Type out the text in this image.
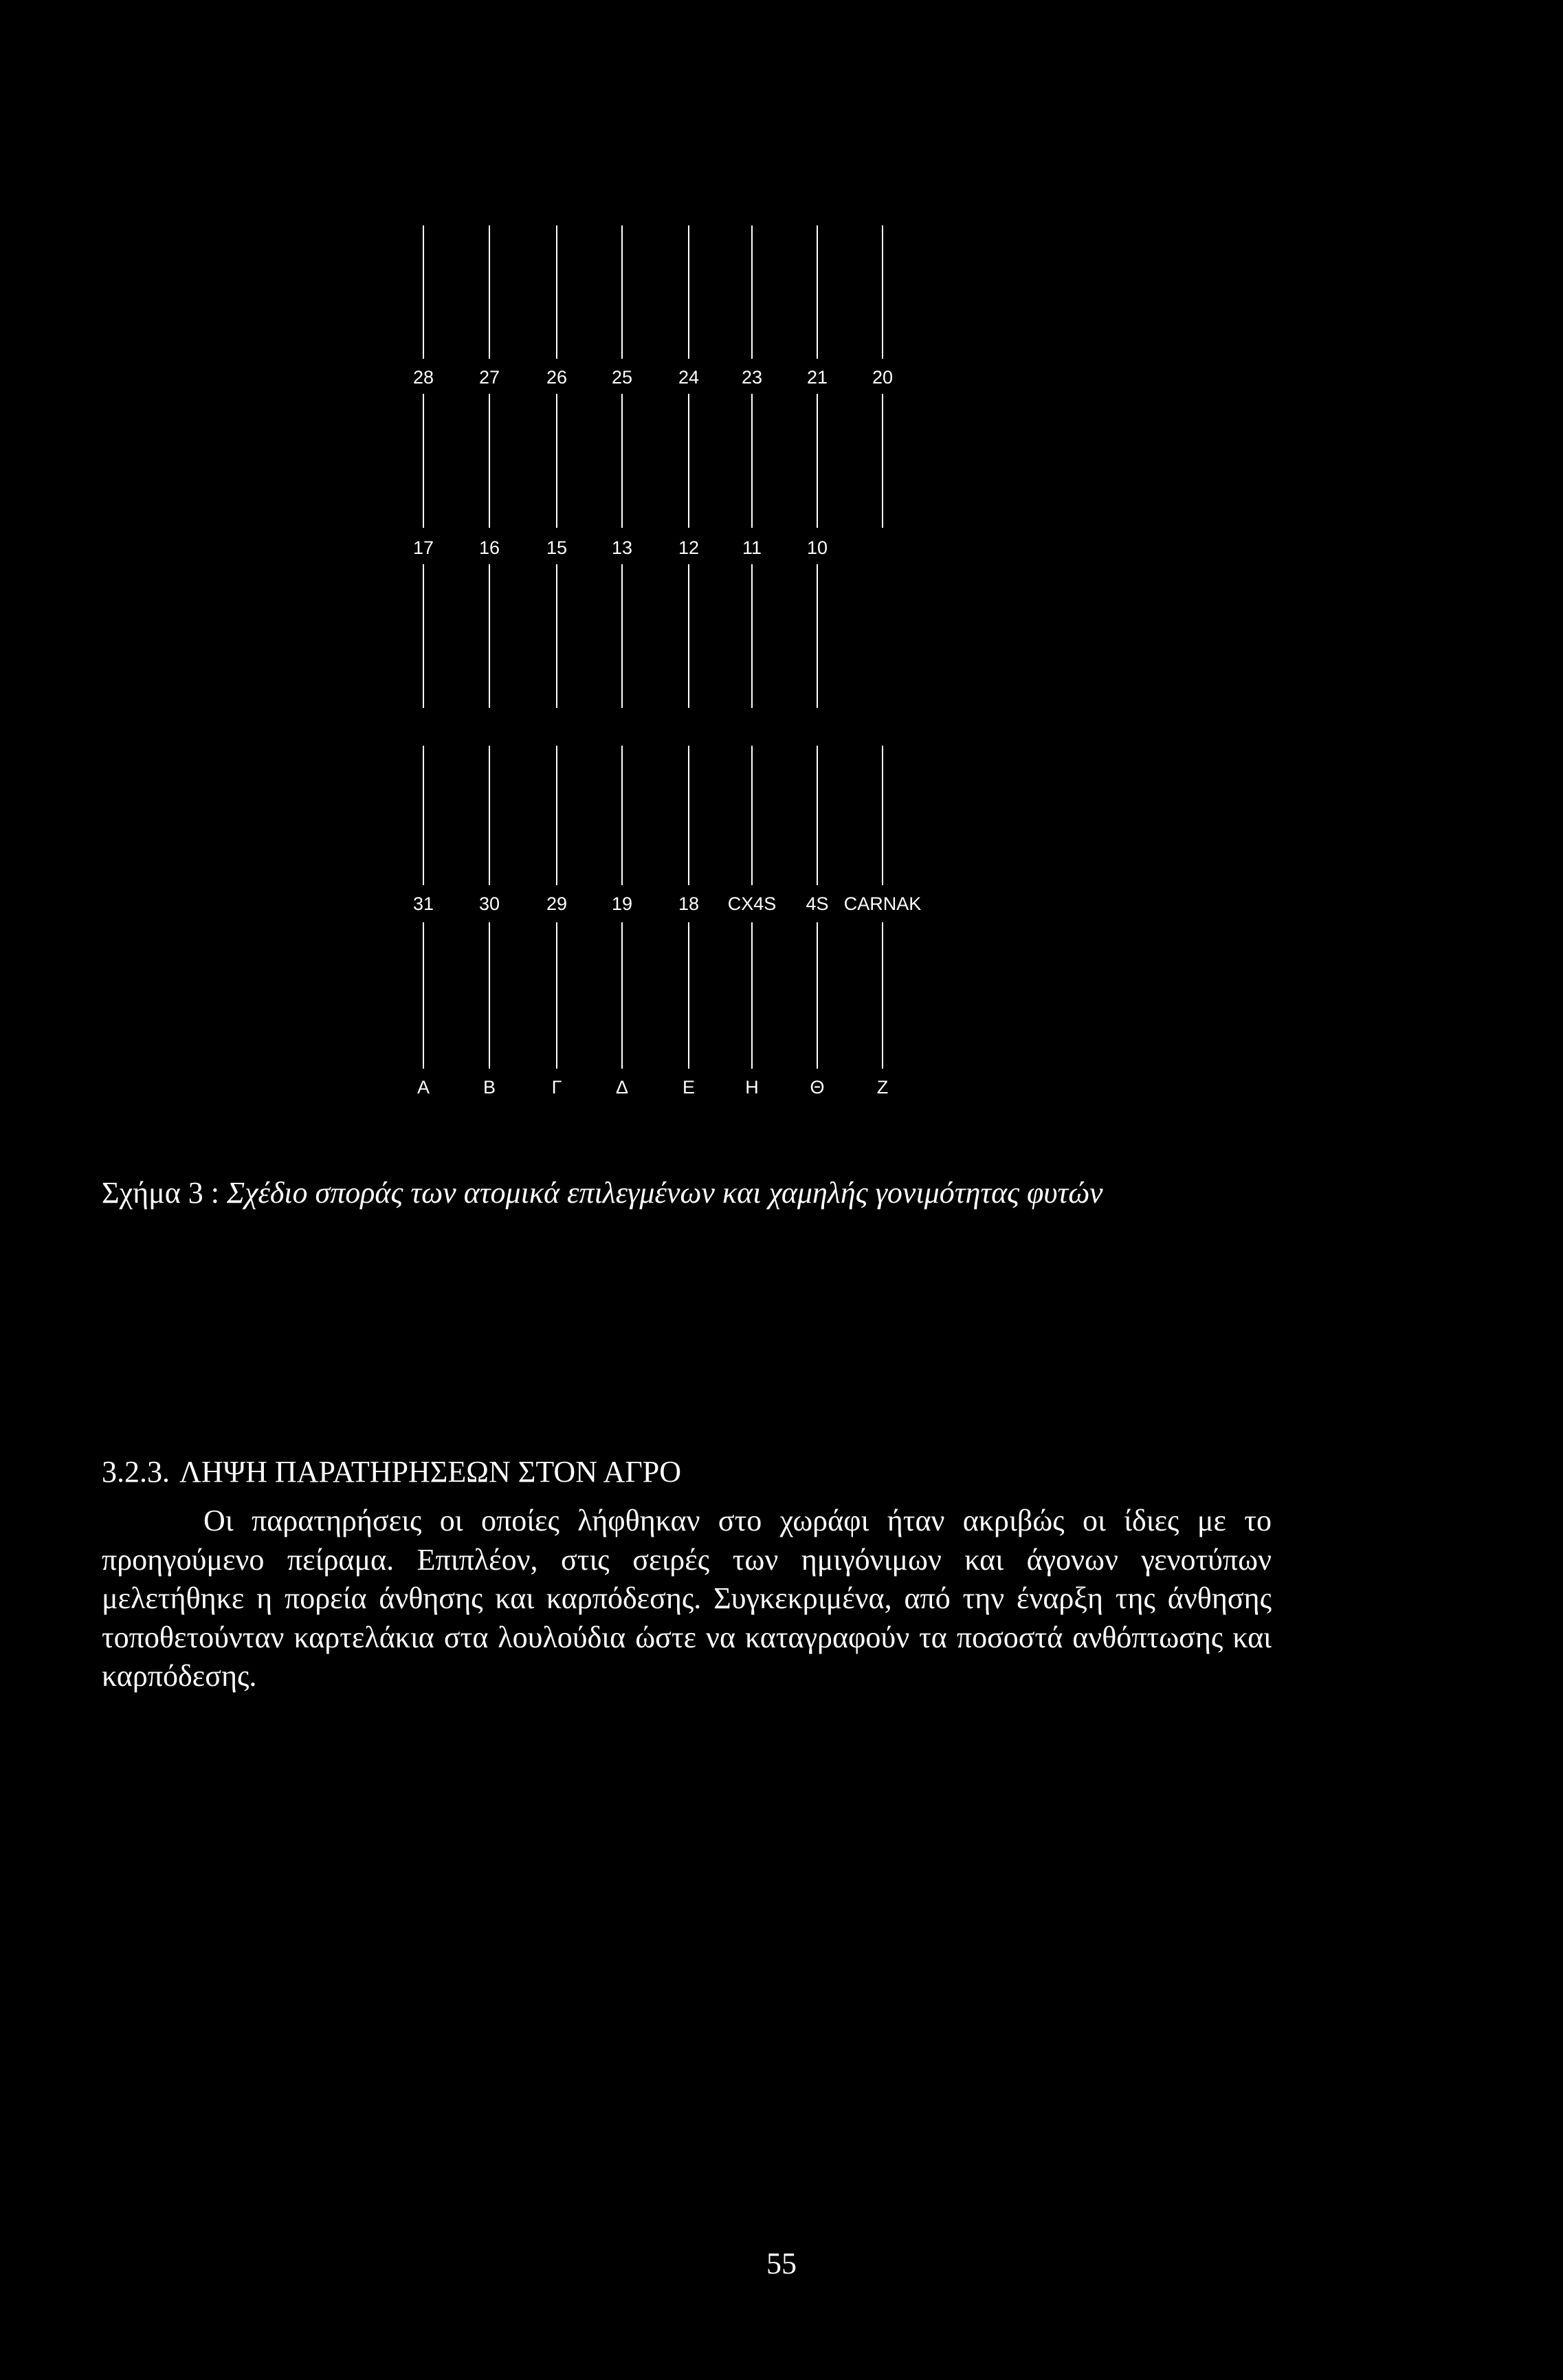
28 27	26 25 24 23 21 20
17 16	15 13 12 11 10
31 30	29 19 18 CX4S 4S CARNAK
A	B	Γ	Δ	E	H	Θ	Z
Σχήμα 3 : Σχέδιο σποράς των ατομικά επιλεγμένων και χαμηλής γονιμότητας φυτών
3.2.3. ΛΗΨΗ ΠΑΡΑΤΗΡΗΣΕΩΝ ΣΤΟΝ ΑΓΡΟ

Οι παρατηρήσεις οι οποίες λήφθηκαν στο χωράφι ήταν ακριβώς οι ίδιες με το προηγούμενο πείραμα. Επιπλέον, στις σειρές των ημιγόνιμων και άγονων γενοτύπων μελετήθηκε η πορεία άνθησης και καρπόδεσης. Συγκεκριμένα, από την έναρξη της άνθησης τοποθετούνταν καρτελάκια στα λουλούδια ώστε να καταγραφούν τα ποσοστά ανθόπτωσης και καρπόδεσης.

55
